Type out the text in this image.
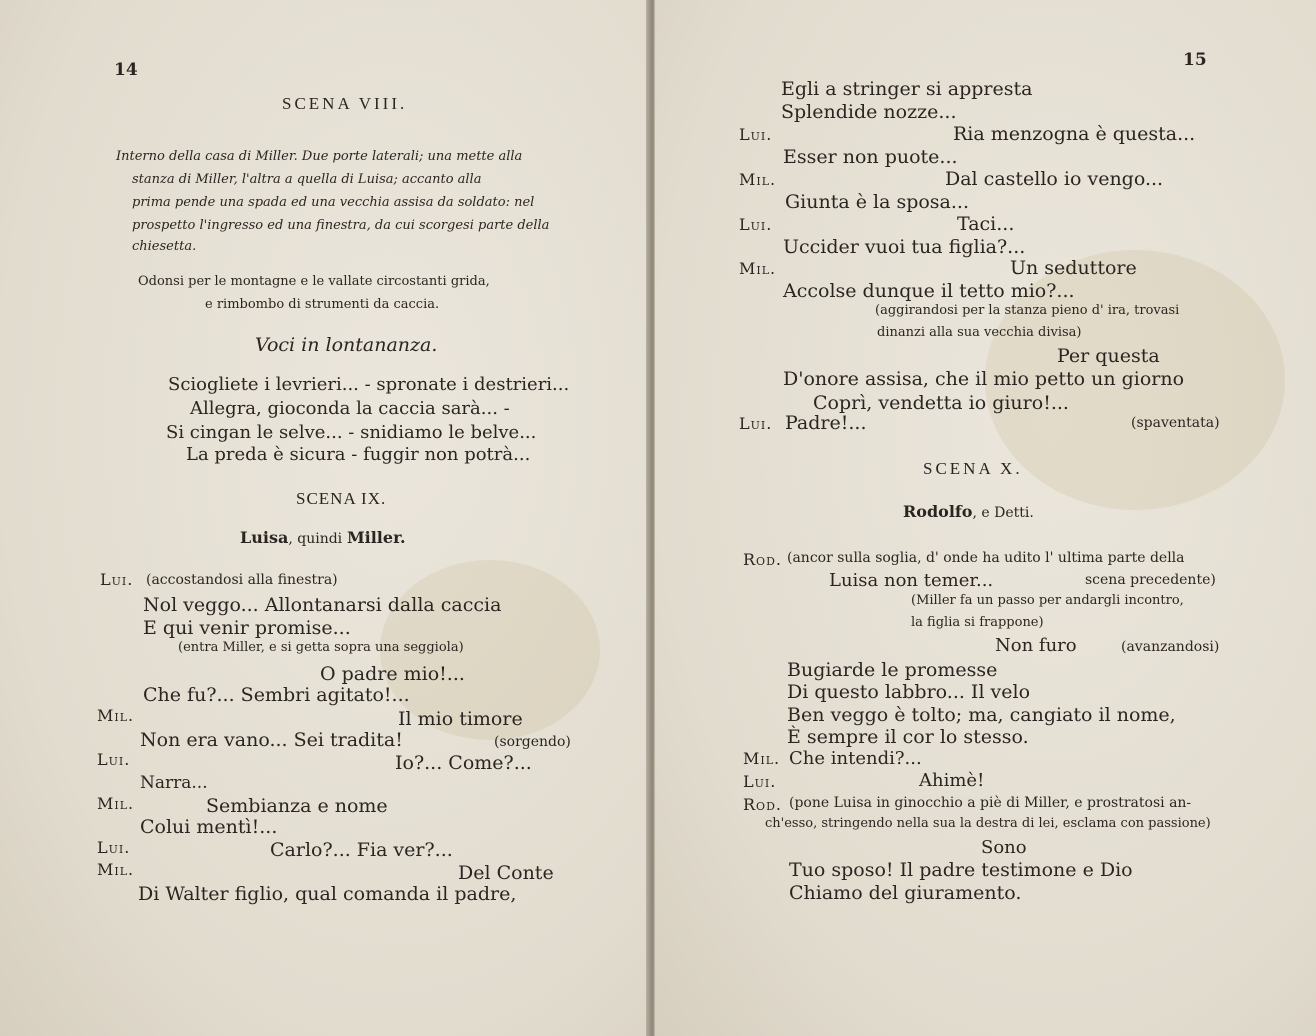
14
SCENA VIII.
Interno della casa di Miller. Due porte laterali; una mette alla
stanza di Miller, l'altra a quella di Luisa; accanto alla
prima pende una spada ed una vecchia assisa da soldato: nel
prospetto l'ingresso ed una finestra, da cui scorgesi parte della
chiesetta.
Odonsi per le montagne e le vallate circostanti grida,
e rimbombo di strumenti da caccia.
Voci in lontananza.
Sciogliete i levrieri... - spronate i destrieri...
Allegra, gioconda la caccia sarà... -
Si cingan le selve... - snidiamo le belve...
La preda è sicura - fuggir non potrà...
SCENA IX.
Luisa, quindi Miller.
Lui. (accostandosi alla finestra)
Nol veggo... Allontanarsi dalla caccia
E qui venir promise...
(entra Miller, e si getta sopra una seggiola)
O padre mio!...
Che fu?... Sembri agitato!...
Mil.	Il mio timore
Non era vano... Sei tradita!	(sorgendo)
Lui.	Io?... Come?...
Narra...
Mil.	Sembianza e nome
Colui mentì!...
Lui.	Carlo?... Fia ver?...
Mil.	Del Conte
Di Walter figlio, qual comanda il padre,
15
Egli a stringer si appresta
Splendide nozze...
Lui.	Ria menzogna è questa...
Esser non puote...
Mil.	Dal castello io vengo...
Giunta è la sposa...
Lui.	Taci...
Uccider vuoi tua figlia?...
Mil.	Un seduttore
Accolse dunque il tetto mio?...
(aggirandosi per la stanza pieno d' ira, trovasi
dinanzi alla sua vecchia divisa)
Per questa
D'onore assisa, che il mio petto un giorno
Coprì, vendetta io giuro!...
Lui. Padre!...	(spaventata)
SCENA X.
Rodolfo, e Detti.
Rod. (ancor sulla soglia, d' onde ha udito l' ultima parte della
Luisa non temer...	scena precedente)
(Miller fa un passo per andargli incontro,
la figlia si frappone)
Non furo	(avanzandosi)
Bugiarde le promesse
Di questo labbro... Il velo
Ben veggo è tolto; ma, cangiato il nome,
È sempre il cor lo stesso.
Mil. Che intendi?...
Lui.	Ahimè!
Rod. (pone Luisa in ginocchio a piè di Miller, e prostratosi an-
ch'esso, stringendo nella sua la destra di lei, esclama con passione)
Sono
Tuo sposo! Il padre testimone e Dio
Chiamo del giuramento.
